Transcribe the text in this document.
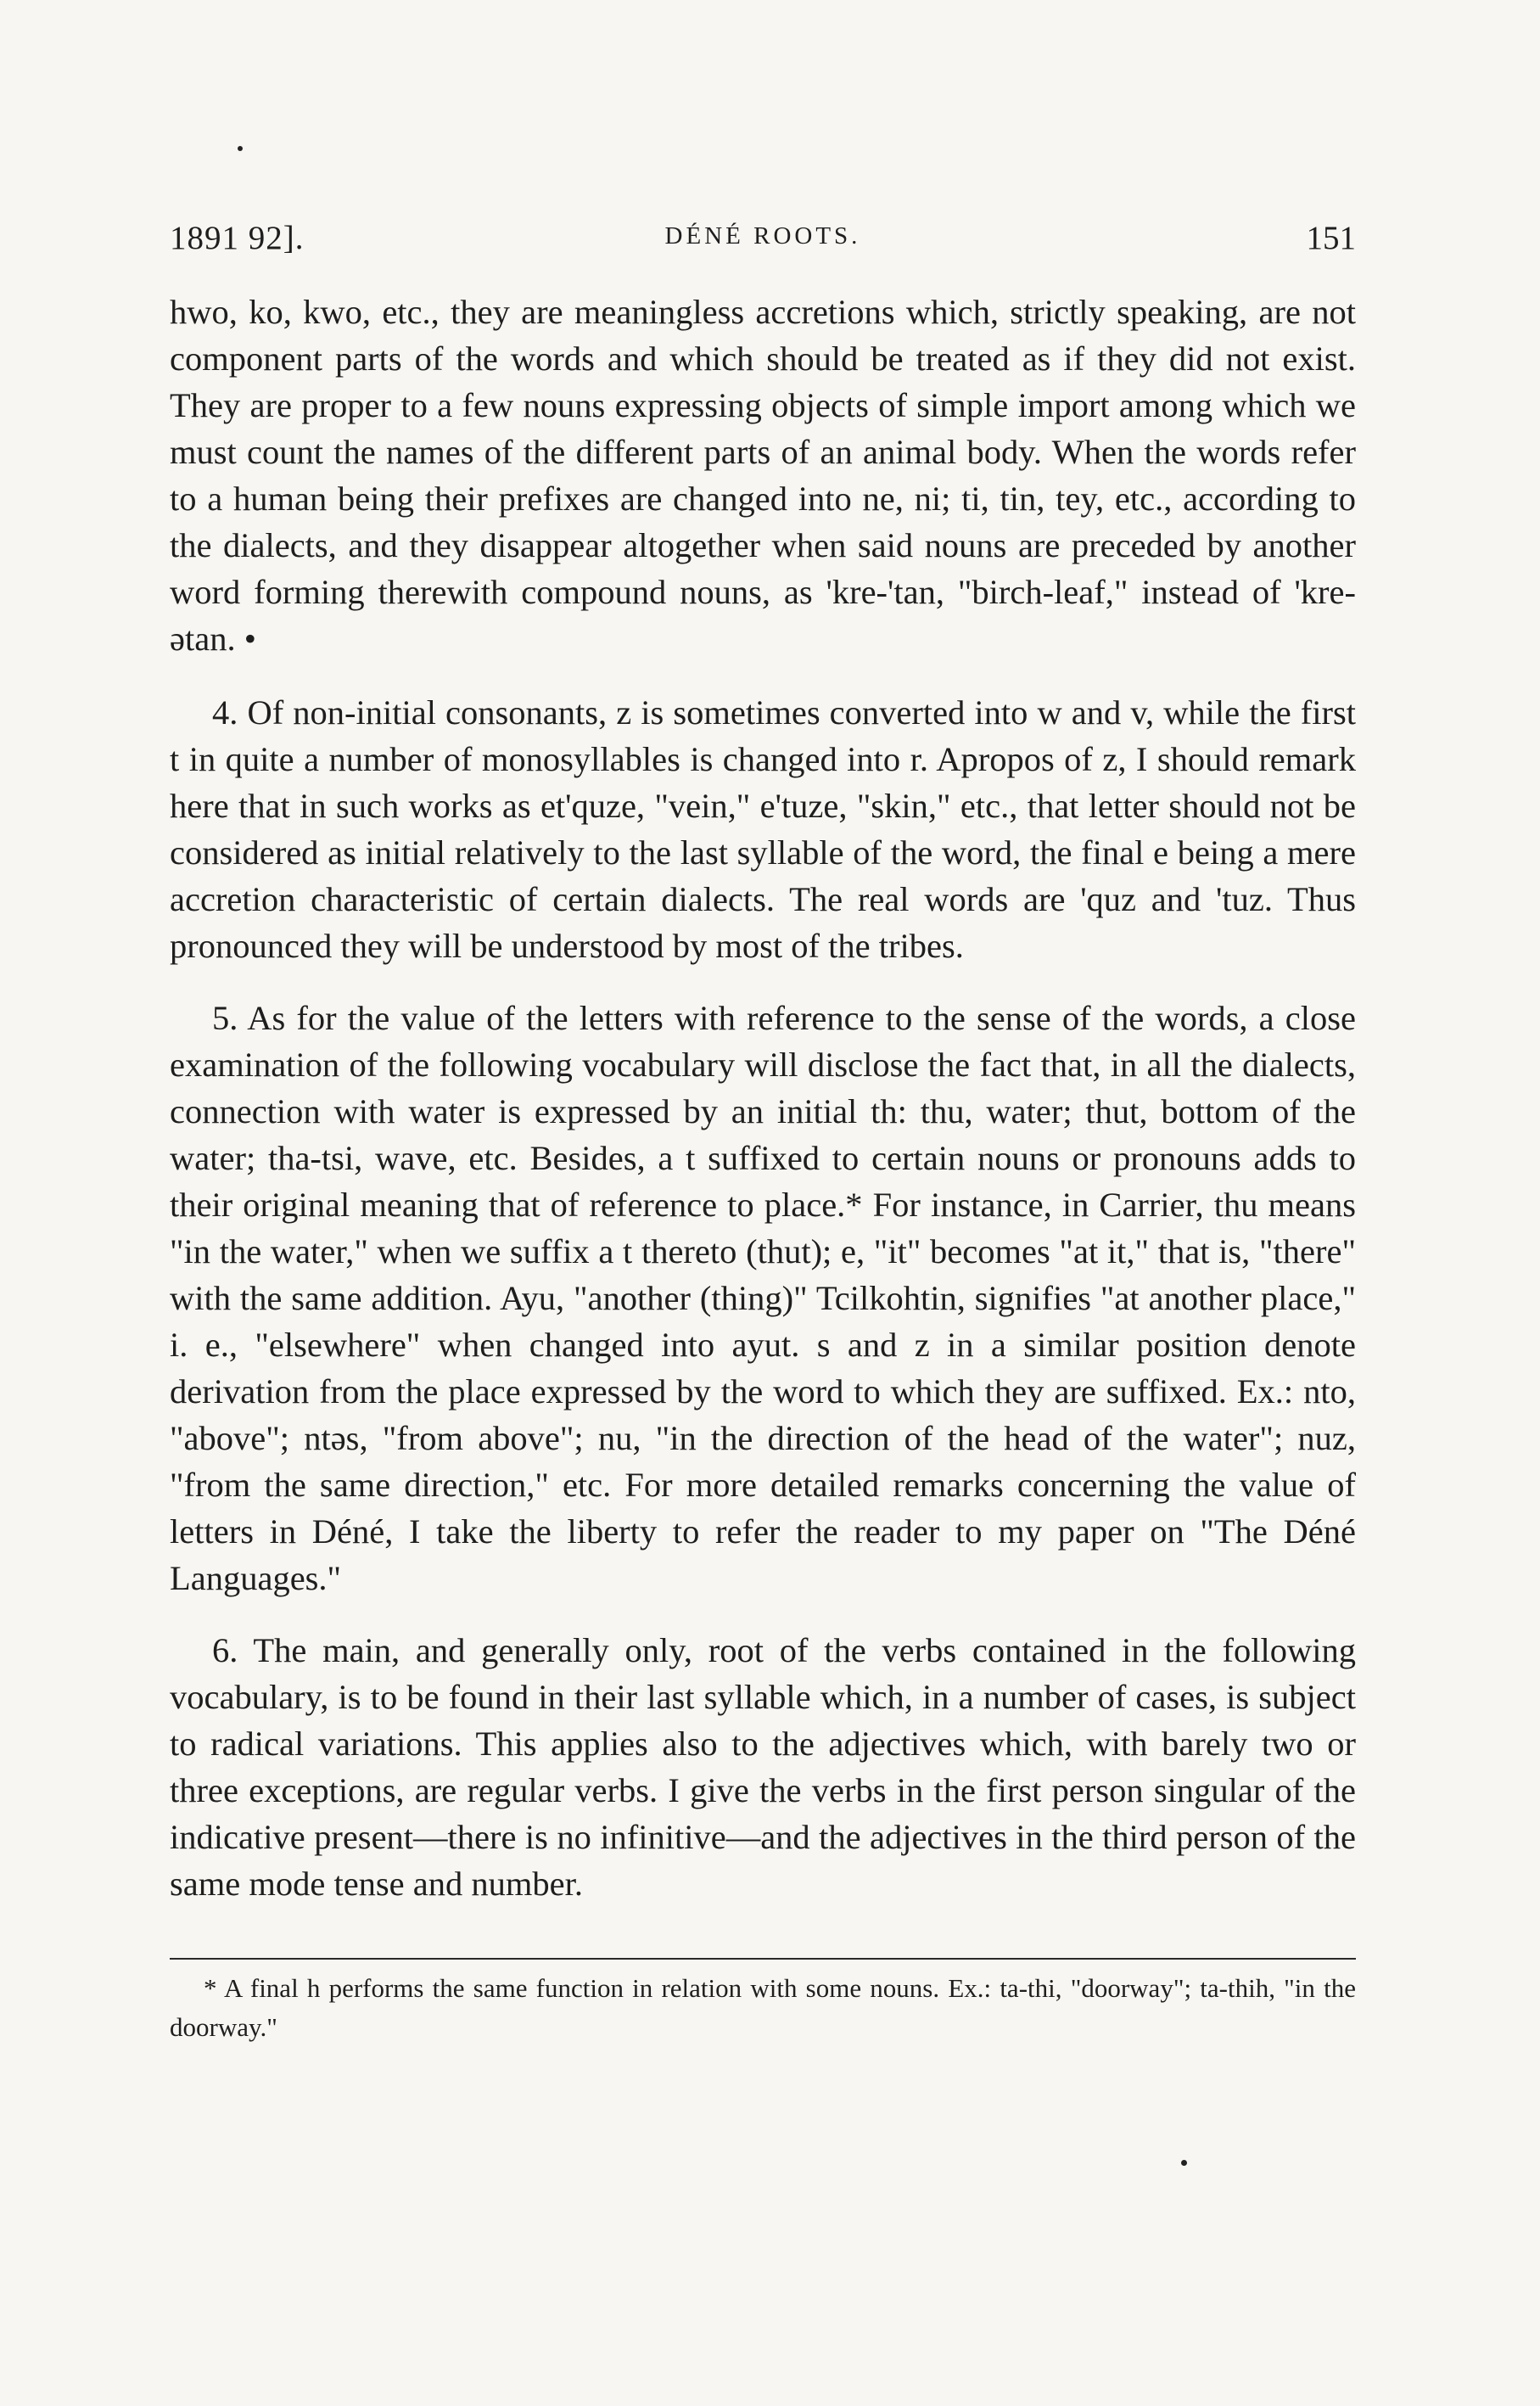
1891 92].	DÉNÉ ROOTS.	151

hwo, ko, kwo, etc., they are meaningless accretions which, strictly speaking, are not component parts of the words and which should be treated as if they did not exist. They are proper to a few nouns expressing objects of simple import among which we must count the names of the different parts of an animal body. When the words refer to a human being their prefixes are changed into ne, ni; ti, tin, tey, etc., according to the dialects, and they disappear altogether when said nouns are preceded by another word forming therewith compound nouns, as 'kre-'tan, "birch-leaf," instead of 'kre-ətan. •

4. Of non-initial consonants, z is sometimes converted into w and v, while the first t in quite a number of monosyllables is changed into r. Apropos of z, I should remark here that in such works as et'quze, "vein," e'tuze, "skin," etc., that letter should not be considered as initial relatively to the last syllable of the word, the final e being a mere accretion characteristic of certain dialects. The real words are 'quz and 'tuz. Thus pronounced they will be understood by most of the tribes.

5. As for the value of the letters with reference to the sense of the words, a close examination of the following vocabulary will disclose the fact that, in all the dialects, connection with water is expressed by an initial th: thu, water; thut, bottom of the water; tha-tsi, wave, etc. Besides, a t suffixed to certain nouns or pronouns adds to their original meaning that of reference to place.* For instance, in Carrier, thu means "in the water," when we suffix a t thereto (thut); e, "it" becomes "at it," that is, "there" with the same addition. Ayu, "another (thing)" Tcilkohtin, signifies "at another place," i. e., "elsewhere" when changed into ayut. s and z in a similar position denote derivation from the place expressed by the word to which they are suffixed. Ex.: nto, "above"; ntəs, "from above"; nu, "in the direction of the head of the water"; nuz, "from the same direction," etc. For more detailed remarks concerning the value of letters in Déné, I take the liberty to refer the reader to my paper on "The Déné Languages."

6. The main, and generally only, root of the verbs contained in the following vocabulary, is to be found in their last syllable which, in a number of cases, is subject to radical variations. This applies also to the adjectives which, with barely two or three exceptions, are regular verbs. I give the verbs in the first person singular of the indicative present—there is no infinitive—and the adjectives in the third person of the same mode tense and number.

* A final h performs the same function in relation with some nouns. Ex.: ta-thi, "doorway"; ta-thih, "in the doorway."
